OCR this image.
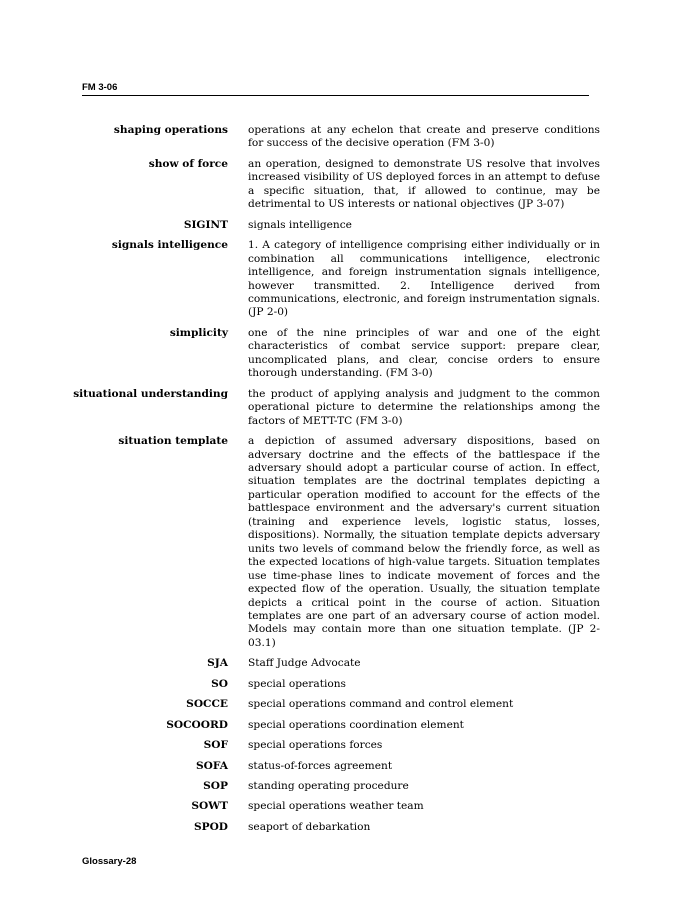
FM 3-06
shaping operations	operations at any echelon that create and preserve conditions for success of the decisive operation (FM 3-0)
show of force	an operation, designed to demonstrate US resolve that involves increased visibility of US deployed forces in an attempt to defuse a specific situation, that, if allowed to continue, may be detrimental to US interests or national objectives (JP 3-07)
SIGINT	signals intelligence
signals intelligence	1. A category of intelligence comprising either individually or in combination all communications intelligence, electronic intelligence, and foreign instrumentation signals intelligence, however transmitted. 2. Intelligence derived from communications, electronic, and foreign instrumentation signals. (JP 2-0)
simplicity	one of the nine principles of war and one of the eight characteristics of combat service support: prepare clear, uncomplicated plans, and clear, concise orders to ensure thorough understanding. (FM 3-0)
situational understanding	the product of applying analysis and judgment to the common operational picture to determine the relationships among the factors of METT-TC (FM 3-0)
situation template	a depiction of assumed adversary dispositions, based on adversary doctrine and the effects of the battlespace if the adversary should adopt a particular course of action. In effect, situation templates are the doctrinal templates depicting a particular operation modified to account for the effects of the battlespace environment and the adversary's current situation (training and experience levels, logistic status, losses, dispositions). Normally, the situation template depicts adversary units two levels of command below the friendly force, as well as the expected locations of high-value targets. Situation templates use time-phase lines to indicate movement of forces and the expected flow of the operation. Usually, the situation template depicts a critical point in the course of action. Situation templates are one part of an adversary course of action model. Models may contain more than one situation template. (JP 2-03.1)
SJA	Staff Judge Advocate
SO	special operations
SOCCE	special operations command and control element
SOCOORD	special operations coordination element
SOF	special operations forces
SOFA	status-of-forces agreement
SOP	standing operating procedure
SOWT	special operations weather team
SPOD	seaport of debarkation
Glossary-28
